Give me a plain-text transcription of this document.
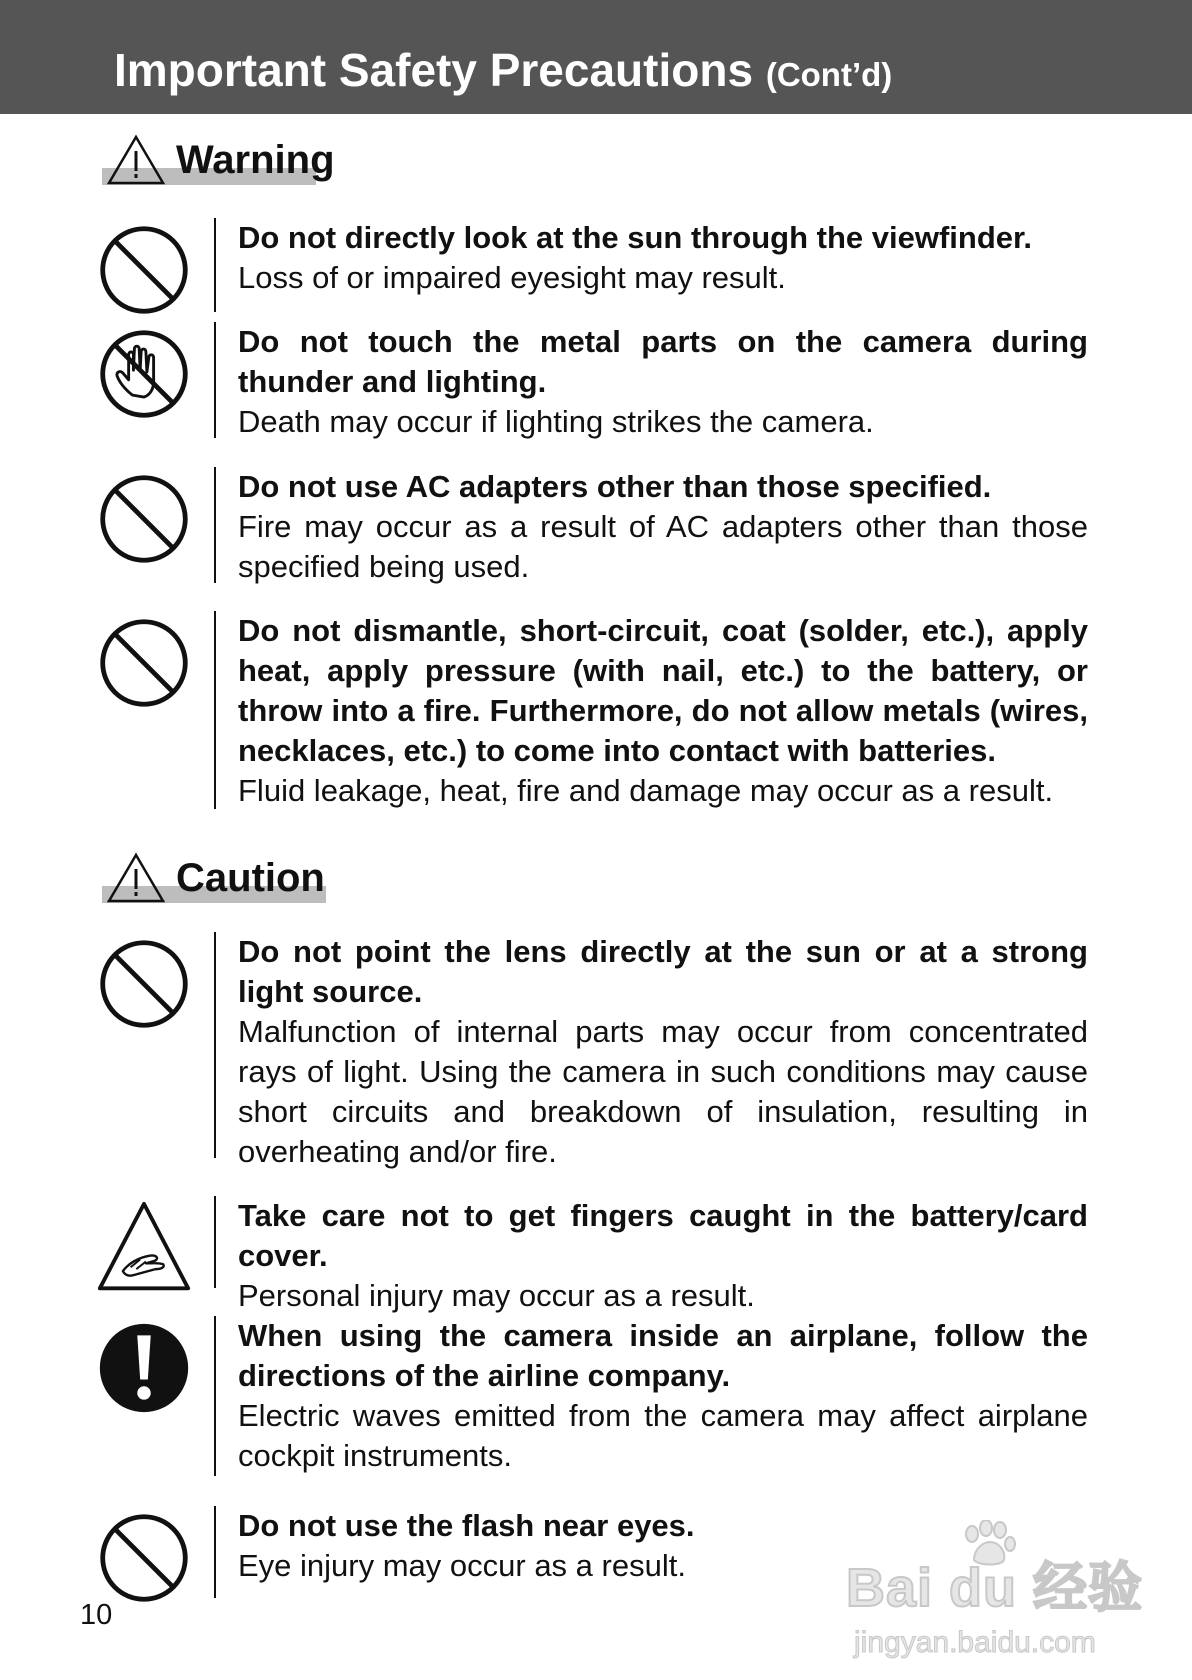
Important Safety Precautions (Cont’d)
Warning
Do not directly look at the sun through the viewfinder.
Loss of or impaired eyesight may result.
Do not touch the metal parts on the camera during thunder and lighting.
Death may occur if lighting strikes the camera.
Do not use AC adapters other than those specified.
Fire may occur as a result of AC adapters other than those specified being used.
Do not dismantle, short-circuit, coat (solder, etc.), apply heat, apply pressure (with nail, etc.) to the battery, or throw into a fire. Furthermore, do not allow metals (wires, necklaces, etc.) to come into contact with batteries.
Fluid leakage, heat, fire and damage may occur as a result.
Caution
Do not point the lens directly at the sun or at a strong light source.
Malfunction of internal parts may occur from concentrated rays of light. Using the camera in such conditions may cause short circuits and breakdown of insulation, resulting in overheating and/or fire.
Take care not to get fingers caught in the battery/card cover.
Personal injury may occur as a result.
When using the camera inside an airplane, follow the directions of the airline company.
Electric waves emitted from the camera may affect airplane cockpit instruments.
Do not use the flash near eyes.
Eye injury may occur as a result.
10	Bai du 经验
jingyan.baidu.com
